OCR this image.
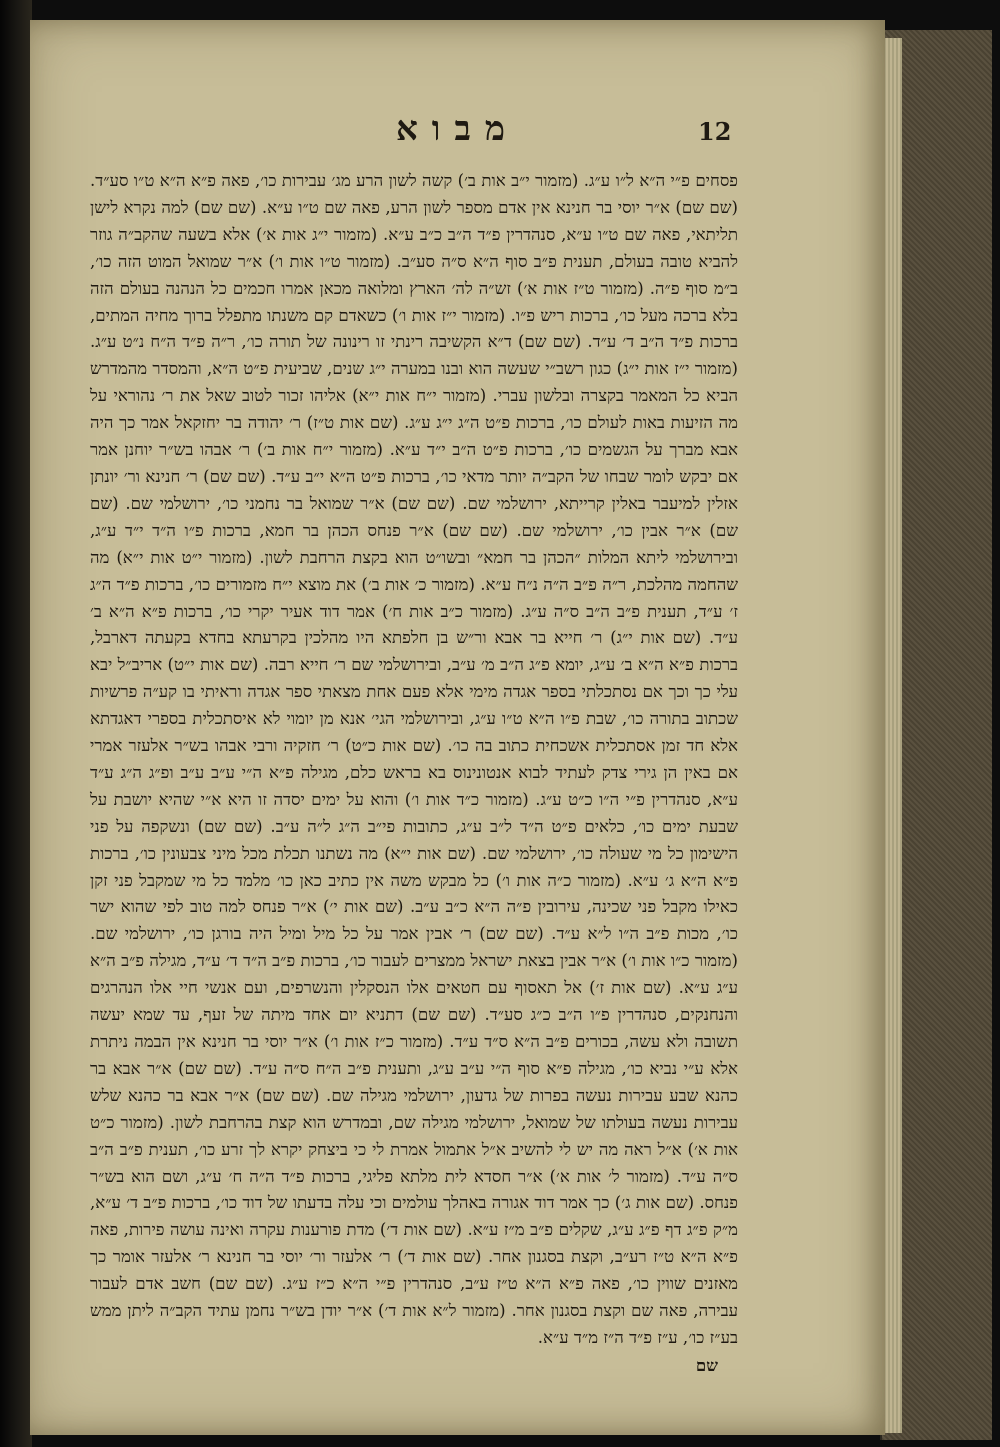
מבוא	12

פסחים פ״י ה״א ל״ו ע״ג. (מזמור י״ב אות ב׳) קשה לשון הרע מג׳ עבירות כו׳, פאה פ״א ה״א ט״ו סע״ד. (שם שם) א״ר יוסי בר חנינא אין אדם מספר לשון הרע, פאה שם ט״ו ע״א. (שם שם) למה נקרא לישן תליתאי, פאה שם ט״ו ע״א, סנהדרין פ״ד ה״ב כ״ב ע״א. (מזמור י״ג אות א׳) אלא בשעה שהקב״ה גוזר להביא טובה בעולם, תענית פ״ב סוף ה״א ס״ה סע״ב. (מזמור ט״ו אות ו׳) א״ר שמואל המוט הזה כו׳, ב״מ סוף פ״ה. (מזמור ט״ז אות א׳) זש״ה לה׳ הארץ ומלואה מכאן אמרו חכמים כל הנהנה בעולם הזה בלא ברכה מעל כו׳, ברכות ריש פ״ו. (מזמור י״ז אות ו׳) כשאדם קם משנתו מתפלל ברוך מחיה המתים, ברכות פ״ד ה״ב ד׳ ע״ד. (שם שם) ד״א הקשיבה רינתי זו רינונה של תורה כו׳, ר״ה פ״ד ה״ח נ״ט ע״ג. (מזמור י״ז אות י״ג) כגון רשב״י שעשה הוא ובנו במערה י״ג שנים, שביעית פ״ט ה״א, והמסדר מהמדרש הביא כל המאמר בקצרה ובלשון עברי. (מזמור י״ח אות י״א) אליהו זכור לטוב שאל את ר׳ נהוראי על מה הזיעות באות לעולם כו׳, ברכות פ״ט ה״ג י״ג ע״ג. (שם אות ט״ז) ר׳ יהודה בר יחזקאל אמר כך היה אבא מברך על הגשמים כו׳, ברכות פ״ט ה״ב י״ד ע״א. (מזמור י״ח אות ב׳) ר׳ אבהו בש״ר יוחנן אמר אם יבקש לומר שבחו של הקב״ה יותר מדאי כו׳, ברכות פ״ט ה״א י״ב ע״ד. (שם שם) ר׳ חנינא ור׳ יונתן אזלין למיעבר באלין קרייתא, ירושלמי שם. (שם שם) א״ר שמואל בר נחמני כו׳, ירושלמי שם. (שם שם) א״ר אבין כו׳, ירושלמי שם. (שם שם) א״ר פנחס הכהן בר חמא, ברכות פ״ו ה״ד י״ד ע״ג, ובירושלמי ליתא המלות ״הכהן בר חמא״ ובשו״ט הוא בקצת הרחבת לשון. (מזמור י״ט אות י״א) מה שהחמה מהלכת, ר״ה פ״ב ה״ה נ״ח ע״א. (מזמור כ׳ אות ב׳) את מוצא י״ח מזמורים כו׳, ברכות פ״ד ה״ג ז׳ ע״ד, תענית פ״ב ה״ב ס״ה ע״ג. (מזמור כ״ב אות ח׳) אמר דוד אעיר יקרי כו׳, ברכות פ״א ה״א ב׳ ע״ד. (שם אות י״ג) ר׳ חייא בר אבא ור״ש בן חלפתא היו מהלכין בקרעתא בחדא בקעתה דארבל, ברכות פ״א ה״א ב׳ ע״ג, יומא פ״ג ה״ב מ׳ ע״ב, ובירושלמי שם ר׳ חייא רבה. (שם אות י״ט) אריב״ל יבא עלי כך וכך אם נסתכלתי בספר אגדה מימי אלא פעם אחת מצאתי ספר אגדה וראיתי בו קע״ה פרשיות שכתוב בתורה כו׳, שבת פ״ו ה״א ט״ו ע״ג, ובירושלמי הגי׳ אנא מן יומוי לא איסתכלית בספרי דאגדתא אלא חד זמן אסתכלית אשכחית כתוב בה כו׳. (שם אות כ״ט) ר׳ חזקיה ורבי אבהו בש״ר אלעזר אמרי אם באין הן גירי צדק לעתיד לבוא אנטונינוס בא בראש כלם, מגילה פ״א ה״י ע״ב ע״ב ופ״ג ה״ג ע״ד ע״א, סנהדרין פ״י ה״ו כ״ט ע״ג. (מזמור כ״ד אות ו׳) והוא על ימים יסדה זו היא א״י שהיא יושבת על שבעת ימים כו׳, כלאים פ״ט ה״ד ל״ב ע״ג, כתובות פי״ב ה״ג ל״ה ע״ב. (שם שם) ונשקפה על פני הישימון כל מי שעולה כו׳, ירושלמי שם. (שם אות י״א) מה נשתנו תכלת מכל מיני צבעונין כו׳, ברכות פ״א ה״א ג׳ ע״א. (מזמור כ״ה אות ו׳) כל מבקש משה אין כתיב כאן כו׳ מלמד כל מי שמקבל פני זקן כאילו מקבל פני שכינה, עירובין פ״ה ה״א כ״ב ע״ב. (שם אות י׳) א״ר פנחס למה טוב לפי שהוא ישר כו׳, מכות פ״ב ה״ו ל״א ע״ד. (שם שם) ר׳ אבין אמר על כל מיל ומיל היה בורגן כו׳, ירושלמי שם. (מזמור כ״ו אות ו׳) א״ר אבין בצאת ישראל ממצרים לעבור כו׳, ברכות פ״ב ה״ד ד׳ ע״ד, מגילה פ״ב ה״א ע״ג ע״א. (שם אות ז׳) אל תאסוף עם חטאים אלו הנסקלין והנשרפים, ועם אנשי חיי אלו הנהרגים והנחנקים, סנהדרין פ״ו ה״ב כ״ג סע״ד. (שם שם) דתניא יום אחד מיתה של זעף, עד שמא יעשה תשובה ולא עשה, בכורים פ״ב ה״א ס״ד ע״ד. (מזמור כ״ז אות ו׳) א״ר יוסי בר חנינא אין הבמה ניתרת אלא ע״י נביא כו׳, מגילה פ״א סוף ה״י ע״ב ע״ג, ותענית פ״ב ה״ח ס״ה ע״ד. (שם שם) א״ר אבא בר כהנא שבע עבירות נעשה בפרות של גדעון, ירושלמי מגילה שם. (שם שם) א״ר אבא בר כהנא שלש עבירות נעשה בעולתו של שמואל, ירושלמי מגילה שם, ובמדרש הוא קצת בהרחבת לשון. (מזמור כ״ט אות א׳) א״ל ראה מה יש לי להשיב א״ל אתמול אמרת לי כי ביצחק יקרא לך זרע כו׳, תענית פ״ב ה״ב ס״ה ע״ד. (מזמור ל׳ אות א׳) א״ר חסדא לית מלתא פליגי, ברכות פ״ד ה״ה ח׳ ע״ג, ושם הוא בש״ר פנחס. (שם אות ג׳) כך אמר דוד אגורה באהלך עולמים וכי עלה בדעתו של דוד כו׳, ברכות פ״ב ד׳ ע״א, מ״ק פ״ג דף פ״ג ע״ג, שקלים פ״ב מ״ז ע״א. (שם אות ד׳) מדת פורענות עקרה ואינה עושה פירות, פאה פ״א ה״א ט״ז רע״ב, וקצת בסגנון אחר. (שם אות ד׳) ר׳ אלעזר ור׳ יוסי בר חנינא ר׳ אלעזר אומר כך מאזנים שווין כו׳, פאה פ״א ה״א ט״ז ע״ב, סנהדרין פ״י ה״א כ״ז ע״ג. (שם שם) חשב אדם לעבור עבירה, פאה שם וקצת בסגנון אחר. (מזמור ל״א אות ד׳) א״ר יודן בש״ר נחמן עתיד הקב״ה ליתן ממש בע״ז כו׳, ע״ז פ״ד ה״ז מ״ד ע״א.

שם
